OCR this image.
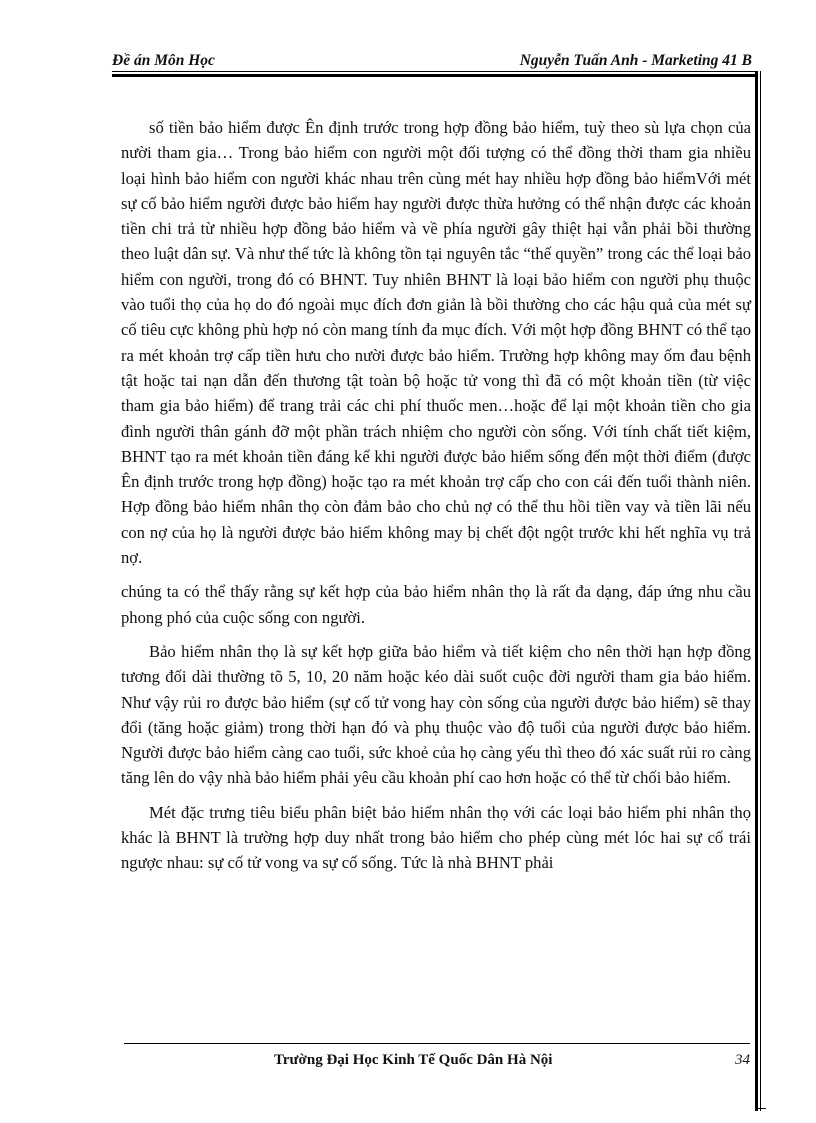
Đề án Môn Học	Nguyễn Tuấn Anh - Marketing 41 B

số tiền bảo hiểm được Ên định trước trong hợp đồng bảo hiểm, tuỳ theo sù lựa chọn của nười tham gia… Trong bảo hiểm con người một đối tượng có thể đồng thời tham gia nhiều loại hình bảo hiểm con người khác nhau trên cùng mét hay nhiều hợp đồng bảo hiểmVới mét sự cố bảo hiểm người được bảo hiểm hay người được thừa hưởng có thể nhận được các khoản tiền chi trả từ nhiều hợp đồng bảo hiểm và về phía người gây thiệt hại vẫn phải bồi thường theo luật dân sự. Và như thế tức là không tồn tại nguyên tắc “thế quyền” trong các thể loại bảo hiểm con người, trong đó có BHNT. Tuy nhiên BHNT là loại bảo hiểm con người phụ thuộc vào tuổi thọ của họ do đó ngoài mục đích đơn giản là bồi thường cho các hậu quả của mét sự cố tiêu cực không phù hợp nó còn mang tính đa mục đích. Với một hợp đồng BHNT có thể tạo ra mét khoản trợ cấp tiền hưu cho nười được bảo hiểm. Trường hợp không may ốm đau bệnh tật hoặc tai nạn dẫn đến thương tật toàn bộ hoặc tử vong thì đã có một khoản tiền (từ việc tham gia bảo hiểm) để trang trải các chi phí thuốc men…hoặc để lại một khoản tiền cho gia đình người thân gánh đỡ một phần trách nhiệm cho người còn sống. Với tính chất tiết kiệm, BHNT tạo ra mét khoản tiền đáng kể khi người được bảo hiểm sống đến một thời điểm (được Ên định trước trong hợp đồng) hoặc tạo ra mét khoản trợ cấp cho con cái đến tuổi thành niên. Hợp đồng bảo hiểm nhân thọ còn đảm bảo cho chủ nợ có thể thu hồi tiền vay và tiền lãi nếu con nợ của họ là người được bảo hiểm không may bị chết đột ngột trước khi hết nghĩa vụ trả nợ.

chúng ta có thể thấy rằng sự kết hợp của bảo hiểm nhân thọ là rất đa dạng, đáp ứng nhu cầu phong phó của cuộc sống con người.

Bảo hiểm nhân thọ là sự kết hợp giữa bảo hiểm và tiết kiệm cho nên thời hạn hợp đồng tương đối dài thường tõ 5, 10, 20 năm hoặc kéo dài suốt cuộc đời người tham gia bảo hiểm. Như vậy rủi ro được bảo hiểm (sự cố tử vong hay còn sống của người được bảo hiểm) sẽ thay đổi (tăng hoặc giảm) trong thời hạn đó và phụ thuộc vào độ tuổi của người được bảo hiểm. Người được bảo hiểm càng cao tuổi, sức khoẻ của họ càng yếu thì theo đó xác suất rủi ro càng tăng lên do vậy nhà bảo hiểm phải yêu cầu khoản phí cao hơn hoặc có thể từ chối bảo hiểm.

Mét đặc trưng tiêu biểu phân biệt bảo hiểm nhân thọ với các loại bảo hiểm phi nhân thọ khác là BHNT là trường hợp duy nhất trong bảo hiểm cho phép cùng mét lóc hai sự cố trái ngược nhau: sự cố tử vong va sự cố sống. Tức là nhà BHNT phải

Trường Đại Học Kinh Tế Quốc Dân Hà Nội	34
